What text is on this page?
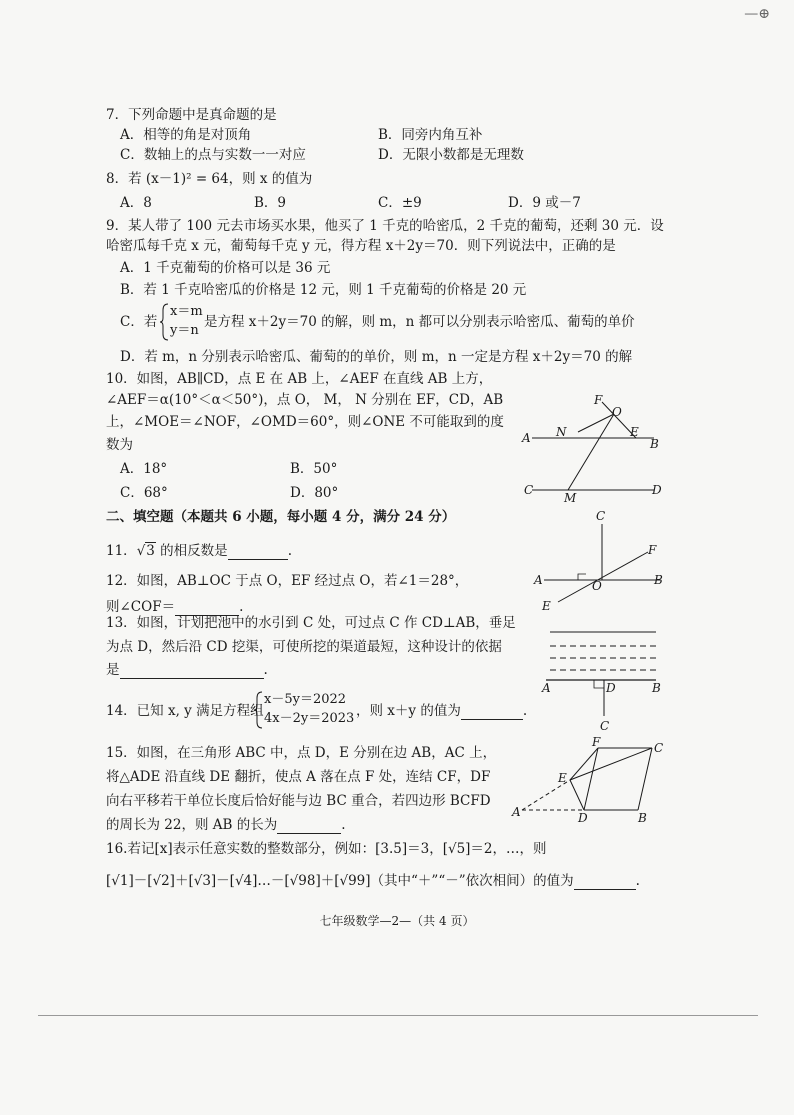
—⊕
7．下列命题中是真命题的是
A．相等的角是对顶角	B．同旁内角互补
C．数轴上的点与实数一一对应	D．无限小数都是无理数
8．若 (x－1)² = 64，则 x 的值为
A．8	B．9	C．±9	D．9 或－7
9．某人带了 100 元去市场买水果，他买了 1 千克的哈密瓜，2 千克的葡萄，还剩 30 元．设
哈密瓜每千克 x 元，葡萄每千克 y 元，得方程 x＋2y＝70．则下列说法中，正确的是
A．1 千克葡萄的价格可以是 36 元
B．若 1 千克哈密瓜的价格是 12 元，则 1 千克葡萄的价格是 20 元
C．若
x＝m
y＝n
是方程 x＋2y＝70 的解，则 m，n 都可以分别表示哈密瓜、葡萄的单价
D．若 m，n 分别表示哈密瓜、葡萄的的单价，则 m，n 一定是方程 x＋2y＝70 的解
10．如图，AB∥CD，点 E 在 AB 上，∠AEF 在直线 AB 上方，
∠AEF＝α(10°＜α＜50°)，点 O， M， N 分别在 EF，CD，AB
上，∠MOE＝∠NOF，∠OMD＝60°，则∠ONE 不可能取到的度
数为
A．18°	B．50°
C．68°	D．80°
F
O
N	E
A	B
C
M
D
二、填空题（本题共 6 小题，每小题 4 分，满分 24 分）
11．√3 的相反数是	.
12．如图，AB⊥OC 于点 O，EF 经过点 O，若∠1＝28°，
则∠COF＝	.
C
F
A	B
O
E
13．如图，计划把池中的水引到 C 处，可过点 C 作 CD⊥AB，垂足
为点 D，然后沿 CD 挖渠，可使所挖的渠道最短，这种设计的依据
是	.
A	D	B
C
14．已知 x, y 满足方程组
x－5y＝2022
4x－2y＝2023 ，则 x＋y 的值为	.
15．如图，在三角形 ABC 中，点 D，E 分别在边 AB，AC 上，
将△ADE 沿直线 DE 翻折，使点 A 落在点 F 处，连结 CF，DF
向右平移若干单位长度后恰好能与边 BC 重合，若四边形 BCFD
的周长为 22，则 AB 的长为	.
F	C
E
A	D	B
16.若记[x]表示任意实数的整数部分，例如：[3.5]＝3，[√5]＝2，…，则
[√1]－[√2]＋[√3]－[√4]…－[√98]＋[√99]（其中“＋”“－”依次相间）的值为	.
七年级数学—2—（共 4 页）
